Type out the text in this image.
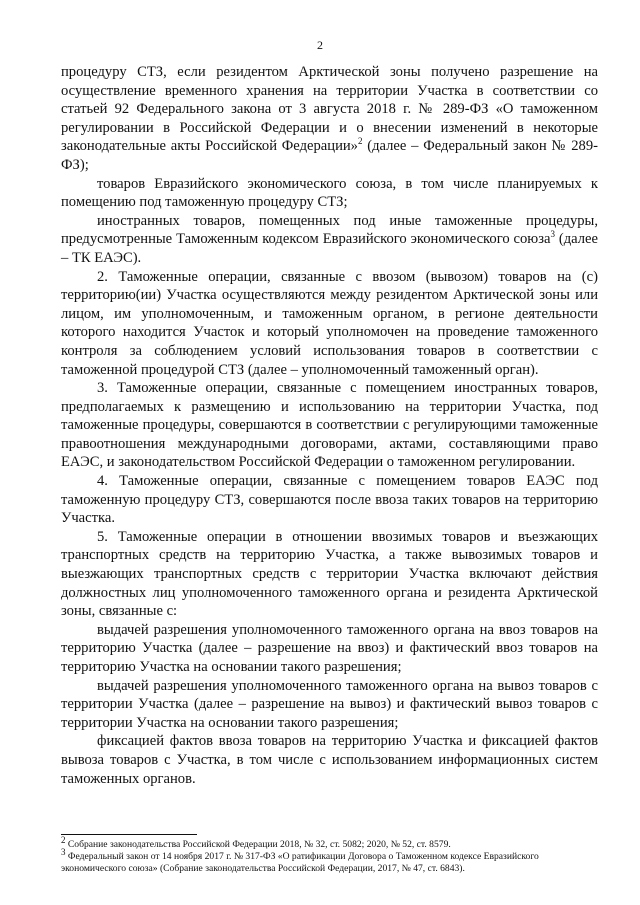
2

процедуру СТЗ, если резидентом Арктической зоны получено разрешение на осуществление временного хранения на территории Участка в соответствии со статьей 92 Федерального закона от 3 августа 2018 г. № 289-ФЗ «О таможенном регулировании в Российской Федерации и о внесении изменений в некоторые законодательные акты Российской Федерации»$^2$ (далее – Федеральный закон № 289-ФЗ);

товаров Евразийского экономического союза, в том числе планируемых к помещению под таможенную процедуру СТЗ;

иностранных товаров, помещенных под иные таможенные процедуры, предусмотренные Таможенным кодексом Евразийского экономического союза$^3$ (далее – ТК ЕАЭС).

2. Таможенные операции, связанные с ввозом (вывозом) товаров на (с) территорию(ии) Участка осуществляются между резидентом Арктической зоны или лицом, им уполномоченным, и таможенным органом, в регионе деятельности которого находится Участок и который уполномочен на проведение таможенного контроля за соблюдением условий использования товаров в соответствии с таможенной процедурой СТЗ (далее – уполномоченный таможенный орган).

3. Таможенные операции, связанные с помещением иностранных товаров, предполагаемых к размещению и использованию на территории Участка, под таможенные процедуры, совершаются в соответствии с регулирующими таможенные правоотношения международными договорами, актами, составляющими право ЕАЭС, и законодательством Российской Федерации о таможенном регулировании.

4. Таможенные операции, связанные с помещением товаров ЕАЭС под таможенную процедуру СТЗ, совершаются после ввоза таких товаров на территорию Участка.

5. Таможенные операции в отношении ввозимых товаров и въезжающих транспортных средств на территорию Участка, а также вывозимых товаров и выезжающих транспортных средств с территории Участка включают действия должностных лиц уполномоченного таможенного органа и резидента Арктической зоны, связанные с:

выдачей разрешения уполномоченного таможенного органа на ввоз товаров на территорию Участка (далее – разрешение на ввоз) и фактический ввоз товаров на территорию Участка на основании такого разрешения;

выдачей разрешения уполномоченного таможенного органа на вывоз товаров с территории Участка (далее – разрешение на вывоз) и фактический вывоз товаров с территории Участка на основании такого разрешения;

фиксацией фактов ввоза товаров на территорию Участка и фиксацией фактов вывоза товаров с Участка, в том числе с использованием информационных систем таможенных органов.

$^2$ Собрание законодательства Российской Федерации 2018, № 32, ст. 5082; 2020, № 52, ст. 8579.

$^3$ Федеральный закон от 14 ноября 2017 г. № 317-ФЗ «О ратификации Договора о Таможенном кодексе Евразийского экономического союза» (Собрание законодательства Российской Федерации, 2017, № 47, ст. 6843).
